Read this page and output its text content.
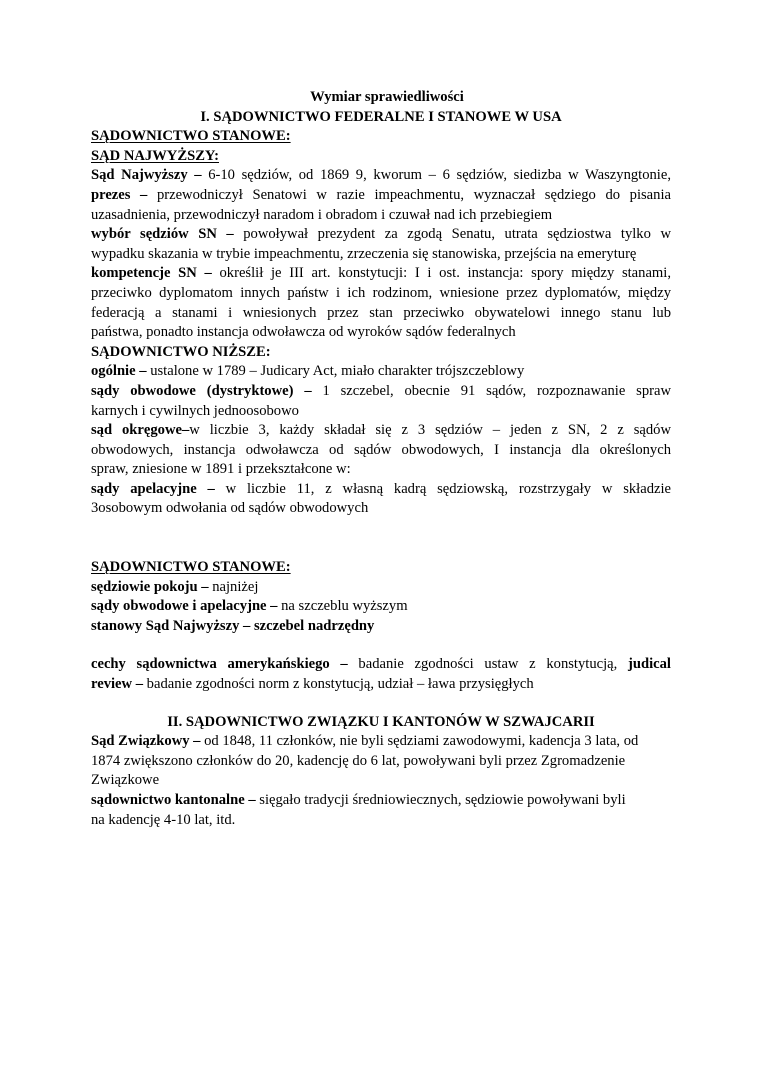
Wymiar sprawiedliwości
I. SĄDOWNICTWO FEDERALNE I STANOWE W USA
SĄDOWNICTWO STANOWE:
SĄD NAJWYŻSZY:
Sąd Najwyższy – 6-10 sędziów, od 1869 9, kworum – 6 sędziów, siedizba w Waszyngtonie,
prezes – przewodniczył Senatowi w razie impeachmentu, wyznaczał sędziego do pisania
uzasadnienia, przewodniczył naradom i obradom i czuwał nad ich przebiegiem
wybór sędziów SN – powoływał prezydent za zgodą Senatu, utrata sędziostwa tylko w
wypadku skazania w trybie impeachmentu, zrzeczenia się stanowiska, przejścia na emeryturę
kompetencje SN – określił je III art. konstytucji: I i ost. instancja: spory między stanami,
przeciwko dyplomatom innych państw i ich rodzinom, wniesione przez dyplomatów, między
federacją a stanami i wniesionych przez stan przeciwko obywatelowi innego stanu lub
państwa, ponadto instancja odwoławcza od wyroków sądów federalnych
SĄDOWNICTWO NIŻSZE:
ogólnie – ustalone w 1789 – Judicary Act, miało charakter trójszczeblowy
sądy obwodowe (dystryktowe) – 1 szczebel, obecnie 91 sądów, rozpoznawanie spraw
karnych i cywilnych jednoosobowo
sąd okręgowe–w liczbie 3, każdy składał się z 3 sędziów – jeden z SN, 2 z sądów
obwodowych, instancja odwoławcza od sądów obwodowych, I instancja dla określonych
spraw, zniesione w 1891 i przekształcone w:
sądy apelacyjne – w liczbie 11, z własną kadrą sędziowską, rozstrzygały w składzie
3osobowym odwołania od sądów obwodowych
SĄDOWNICTWO STANOWE:
sędziowie pokoju – najniżej
sądy obwodowe i apelacyjne – na szczeblu wyższym
stanowy Sąd Najwyższy – szczebel nadrzędny
cechy sądownictwa amerykańskiego – badanie zgodności ustaw z konstytucją, judical
review – badanie zgodności norm z konstytucją, udział – ława przysięgłych
II. SĄDOWNICTWO ZWIĄZKU I KANTONÓW W SZWAJCARII
Sąd Związkowy – od 1848, 11 członków, nie byli sędziami zawodowymi, kadencja 3 lata, od
1874 zwiększono członków do 20, kadencję do 6 lat, powoływani byli przez Zgromadzenie
Związkowe
sądownictwo kantonalne – sięgało tradycji średniowiecznych, sędziowie powoływani byli
na kadencję 4-10 lat, itd.
